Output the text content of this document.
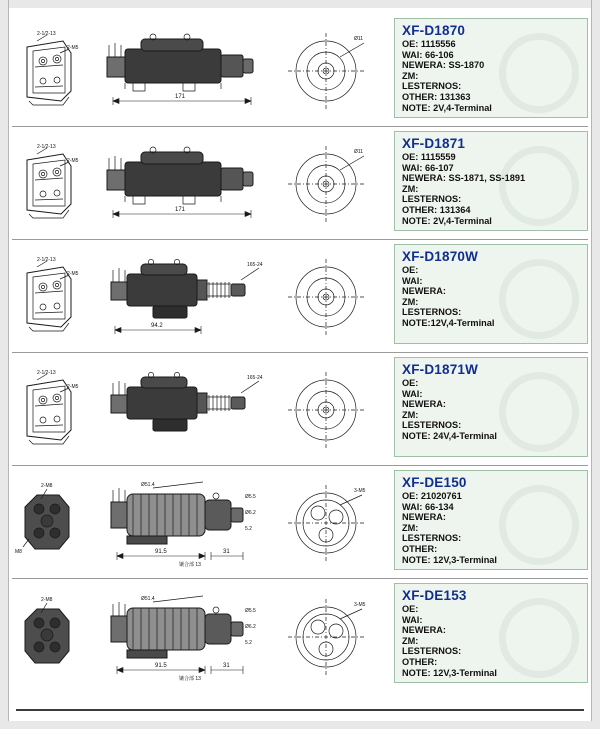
2-1/2-13
2-M5
171
Ø11
XF-D1870
OE: 1115556
WAI: 66-106
NEWERA: SS-1870
ZM:
LESTERNOS:
OTHER: 131363
NOTE: 2V,4-Terminal
2-1/2-13
2-M5
171
Ø11
XF-D1871
OE: 1115559
WAI: 66-107
NEWERA: SS-1871, SS-1891
ZM:
LESTERNOS:
OTHER: 131364
NOTE: 2V,4-Terminal
2-1/2-13
2-M5
94.2
165-24
XF-D1870W
OE:
WAI:
NEWERA:
ZM:
LESTERNOS:
NOTE:12V,4-Terminal
2-1/2-13
2-M5
165-24
XF-D1871W
OE:
WAI:
NEWERA:
ZM:
LESTERNOS:
NOTE: 24V,4-Terminal
2-M8
M8
Ø51.4
91.5	31
镶合部 13
Ø5.5
Ø6.2
5.2
3-M5
XF-DE150
OE: 21020761
WAI: 66-134
NEWERA:
ZM:
LESTERNOS:
OTHER:
NOTE: 12V,3-Terminal
2-M8	Ø51.4
91.5	31
镶合部 13
Ø5.5
Ø6.2
5.2
3-M5
XF-DE153
OE:
WAI:
NEWERA:
ZM:
LESTERNOS:
OTHER:
NOTE: 12V,3-Terminal
